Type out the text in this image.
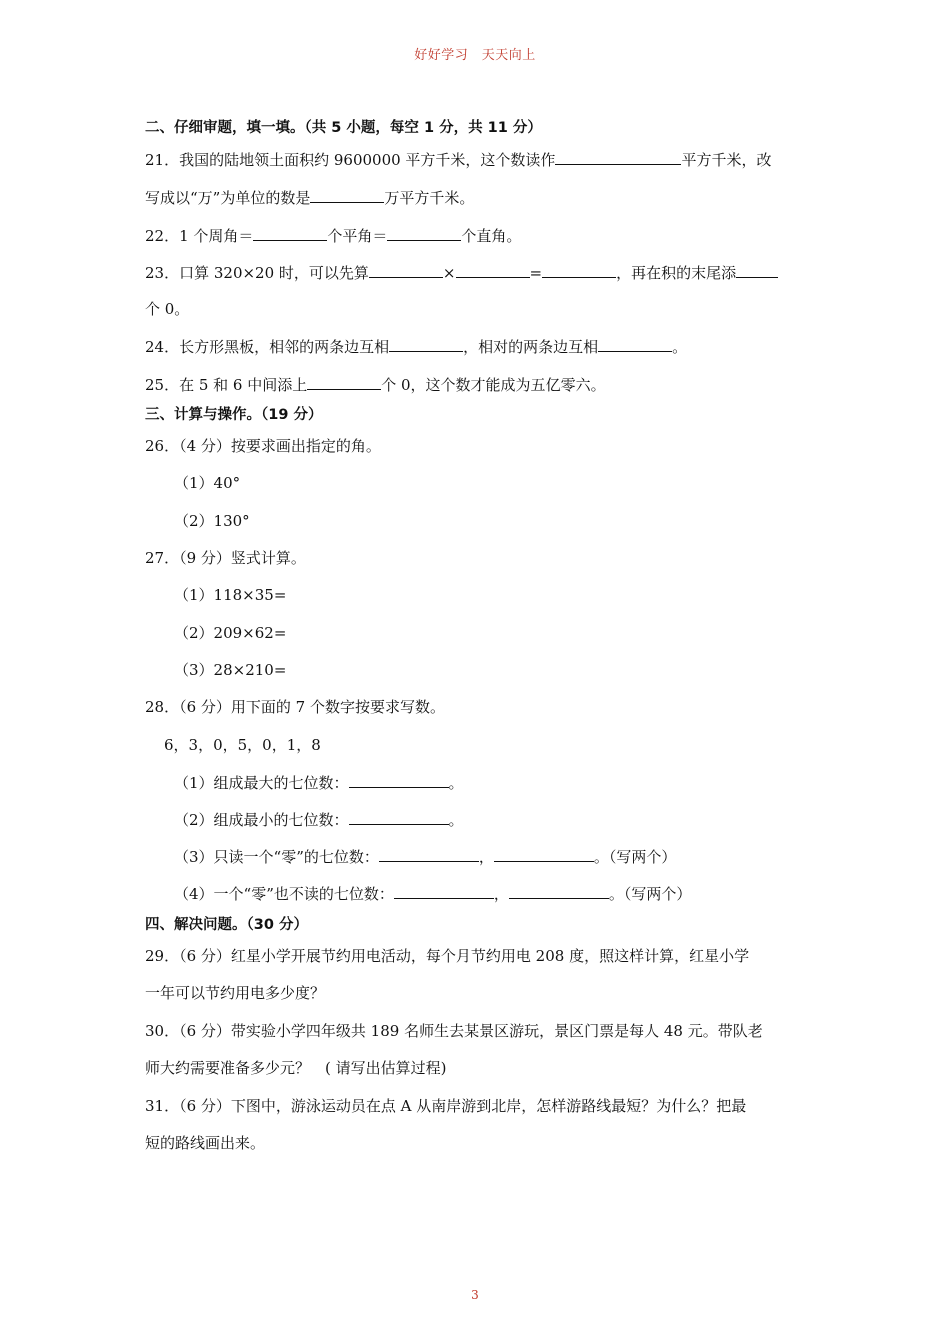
好好学习　天天向上
二、仔细审题，填一填。（共 5 小题，每空 1 分，共 11 分）
21．我国的陆地领土面积约 9600000 平方千米，这个数读作	平方千米，改
写成以“万”为单位的数是	万平方千米。
22．1 个周角＝	个平角＝	个直角。
23．口算 320×20 时，可以先算	×	=	，再在积的末尾添
个 0。
24．长方形黑板，相邻的两条边互相	，相对的两条边互相	。
25．在 5 和 6 中间添上	个 0，这个数才能成为五亿零六。
三、计算与操作。（19 分）
26．（4 分）按要求画出指定的角。
（1）40°
（2）130°
27．（9 分）竖式计算。
（1）118×35=
（2）209×62=
（3）28×210=
28．（6 分）用下面的 7 个数字按要求写数。
6，3，0，5，0，1，8
（1）组成最大的七位数：	。
（2）组成最小的七位数：	。
（3）只读一个“零”的七位数：	，	。（写两个）
（4）一个“零”也不读的七位数：	，	。（写两个）
四、解决问题。（30 分）
29．（6 分）红星小学开展节约用电活动，每个月节约用电 208 度，照这样计算，红星小学
一年可以节约用电多少度？
30．（6 分）带实验小学四年级共 189 名师生去某景区游玩，景区门票是每人 48 元。带队老
师大约需要准备多少元？　( 请写出估算过程)
31．（6 分）下图中，游泳运动员在点 A 从南岸游到北岸，怎样游路线最短？为什么？把最
短的路线画出来。
3
